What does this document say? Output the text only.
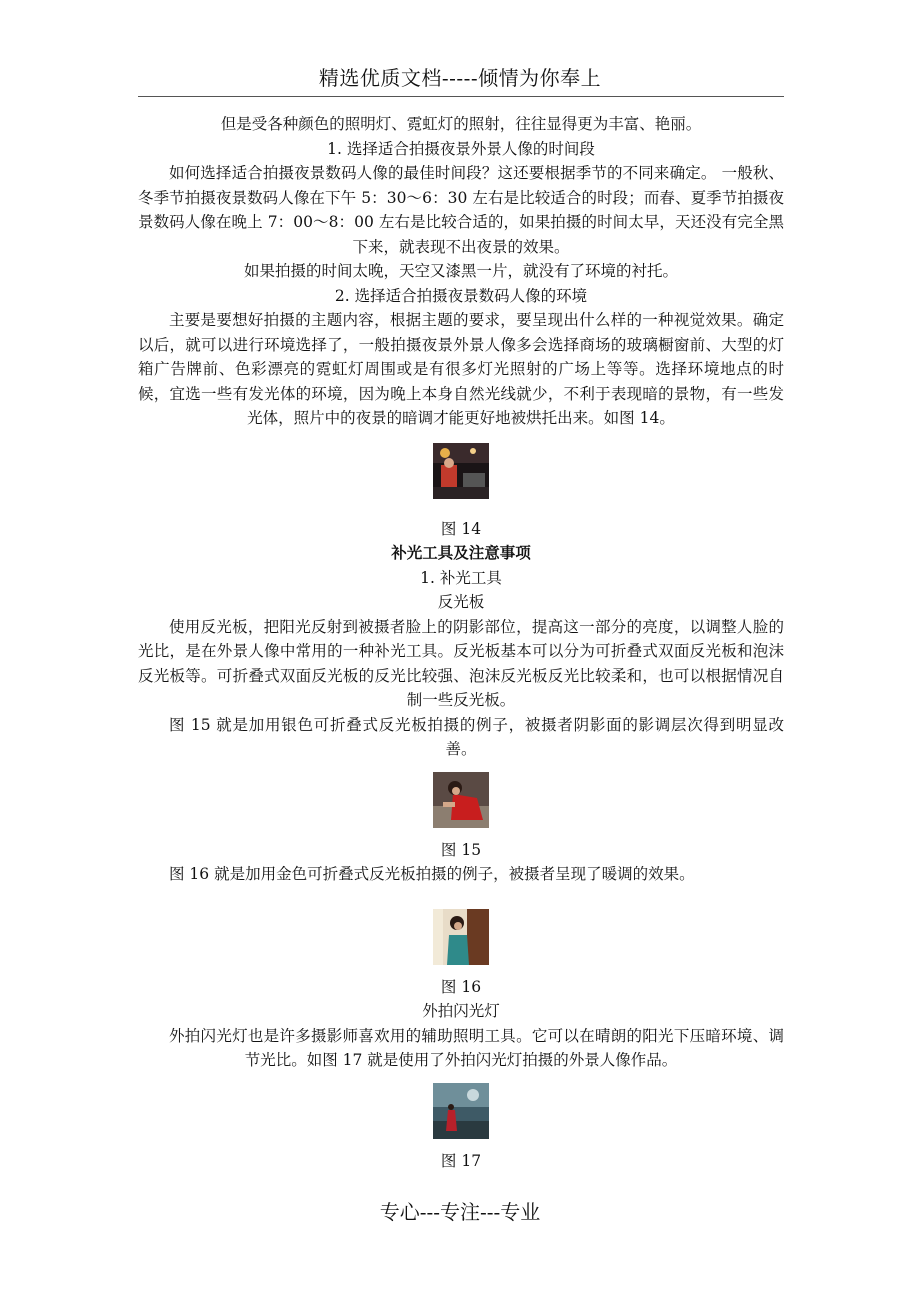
精选优质文档-----倾情为你奉上

但是受各种颜色的照明灯、霓虹灯的照射，往往显得更为丰富、艳丽。

1. 选择适合拍摄夜景外景人像的时间段

如何选择适合拍摄夜景数码人像的最佳时间段？这还要根据季节的不同来确定。 一般秋、冬季节拍摄夜景数码人像在下午 5：30～6：30 左右是比较适合的时段；而春、夏季节拍摄夜景数码人像在晚上 7：00～8：00 左右是比较合适的，如果拍摄的时间太早，天还没有完全黑下来，就表现不出夜景的效果。

如果拍摄的时间太晚，天空又漆黑一片，就没有了环境的衬托。

2. 选择适合拍摄夜景数码人像的环境

主要是要想好拍摄的主题内容，根据主题的要求，要呈现出什么样的一种视觉效果。确定以后，就可以进行环境选择了，一般拍摄夜景外景人像多会选择商场的玻璃橱窗前、大型的灯箱广告牌前、色彩漂亮的霓虹灯周围或是有很多灯光照射的广场上等等。选择环境地点的时候，宜选一些有发光体的环境，因为晚上本身自然光线就少，不利于表现暗的景物，有一些发光体，照片中的夜景的暗调才能更好地被烘托出来。如图 14。

图 14

补光工具及注意事项

1. 补光工具

反光板

使用反光板，把阳光反射到被摄者脸上的阴影部位，提高这一部分的亮度，以调整人脸的光比，是在外景人像中常用的一种补光工具。反光板基本可以分为可折叠式双面反光板和泡沫反光板等。可折叠式双面反光板的反光比较强、泡沫反光板反光比较柔和，也可以根据情况自制一些反光板。

图 15 就是加用银色可折叠式反光板拍摄的例子，被摄者阴影面的影调层次得到明显改善。

图 15

图 16 就是加用金色可折叠式反光板拍摄的例子，被摄者呈现了暖调的效果。

图 16

外拍闪光灯

外拍闪光灯也是许多摄影师喜欢用的辅助照明工具。它可以在晴朗的阳光下压暗环境、调节光比。如图 17 就是使用了外拍闪光灯拍摄的外景人像作品。

图 17

专心---专注---专业
